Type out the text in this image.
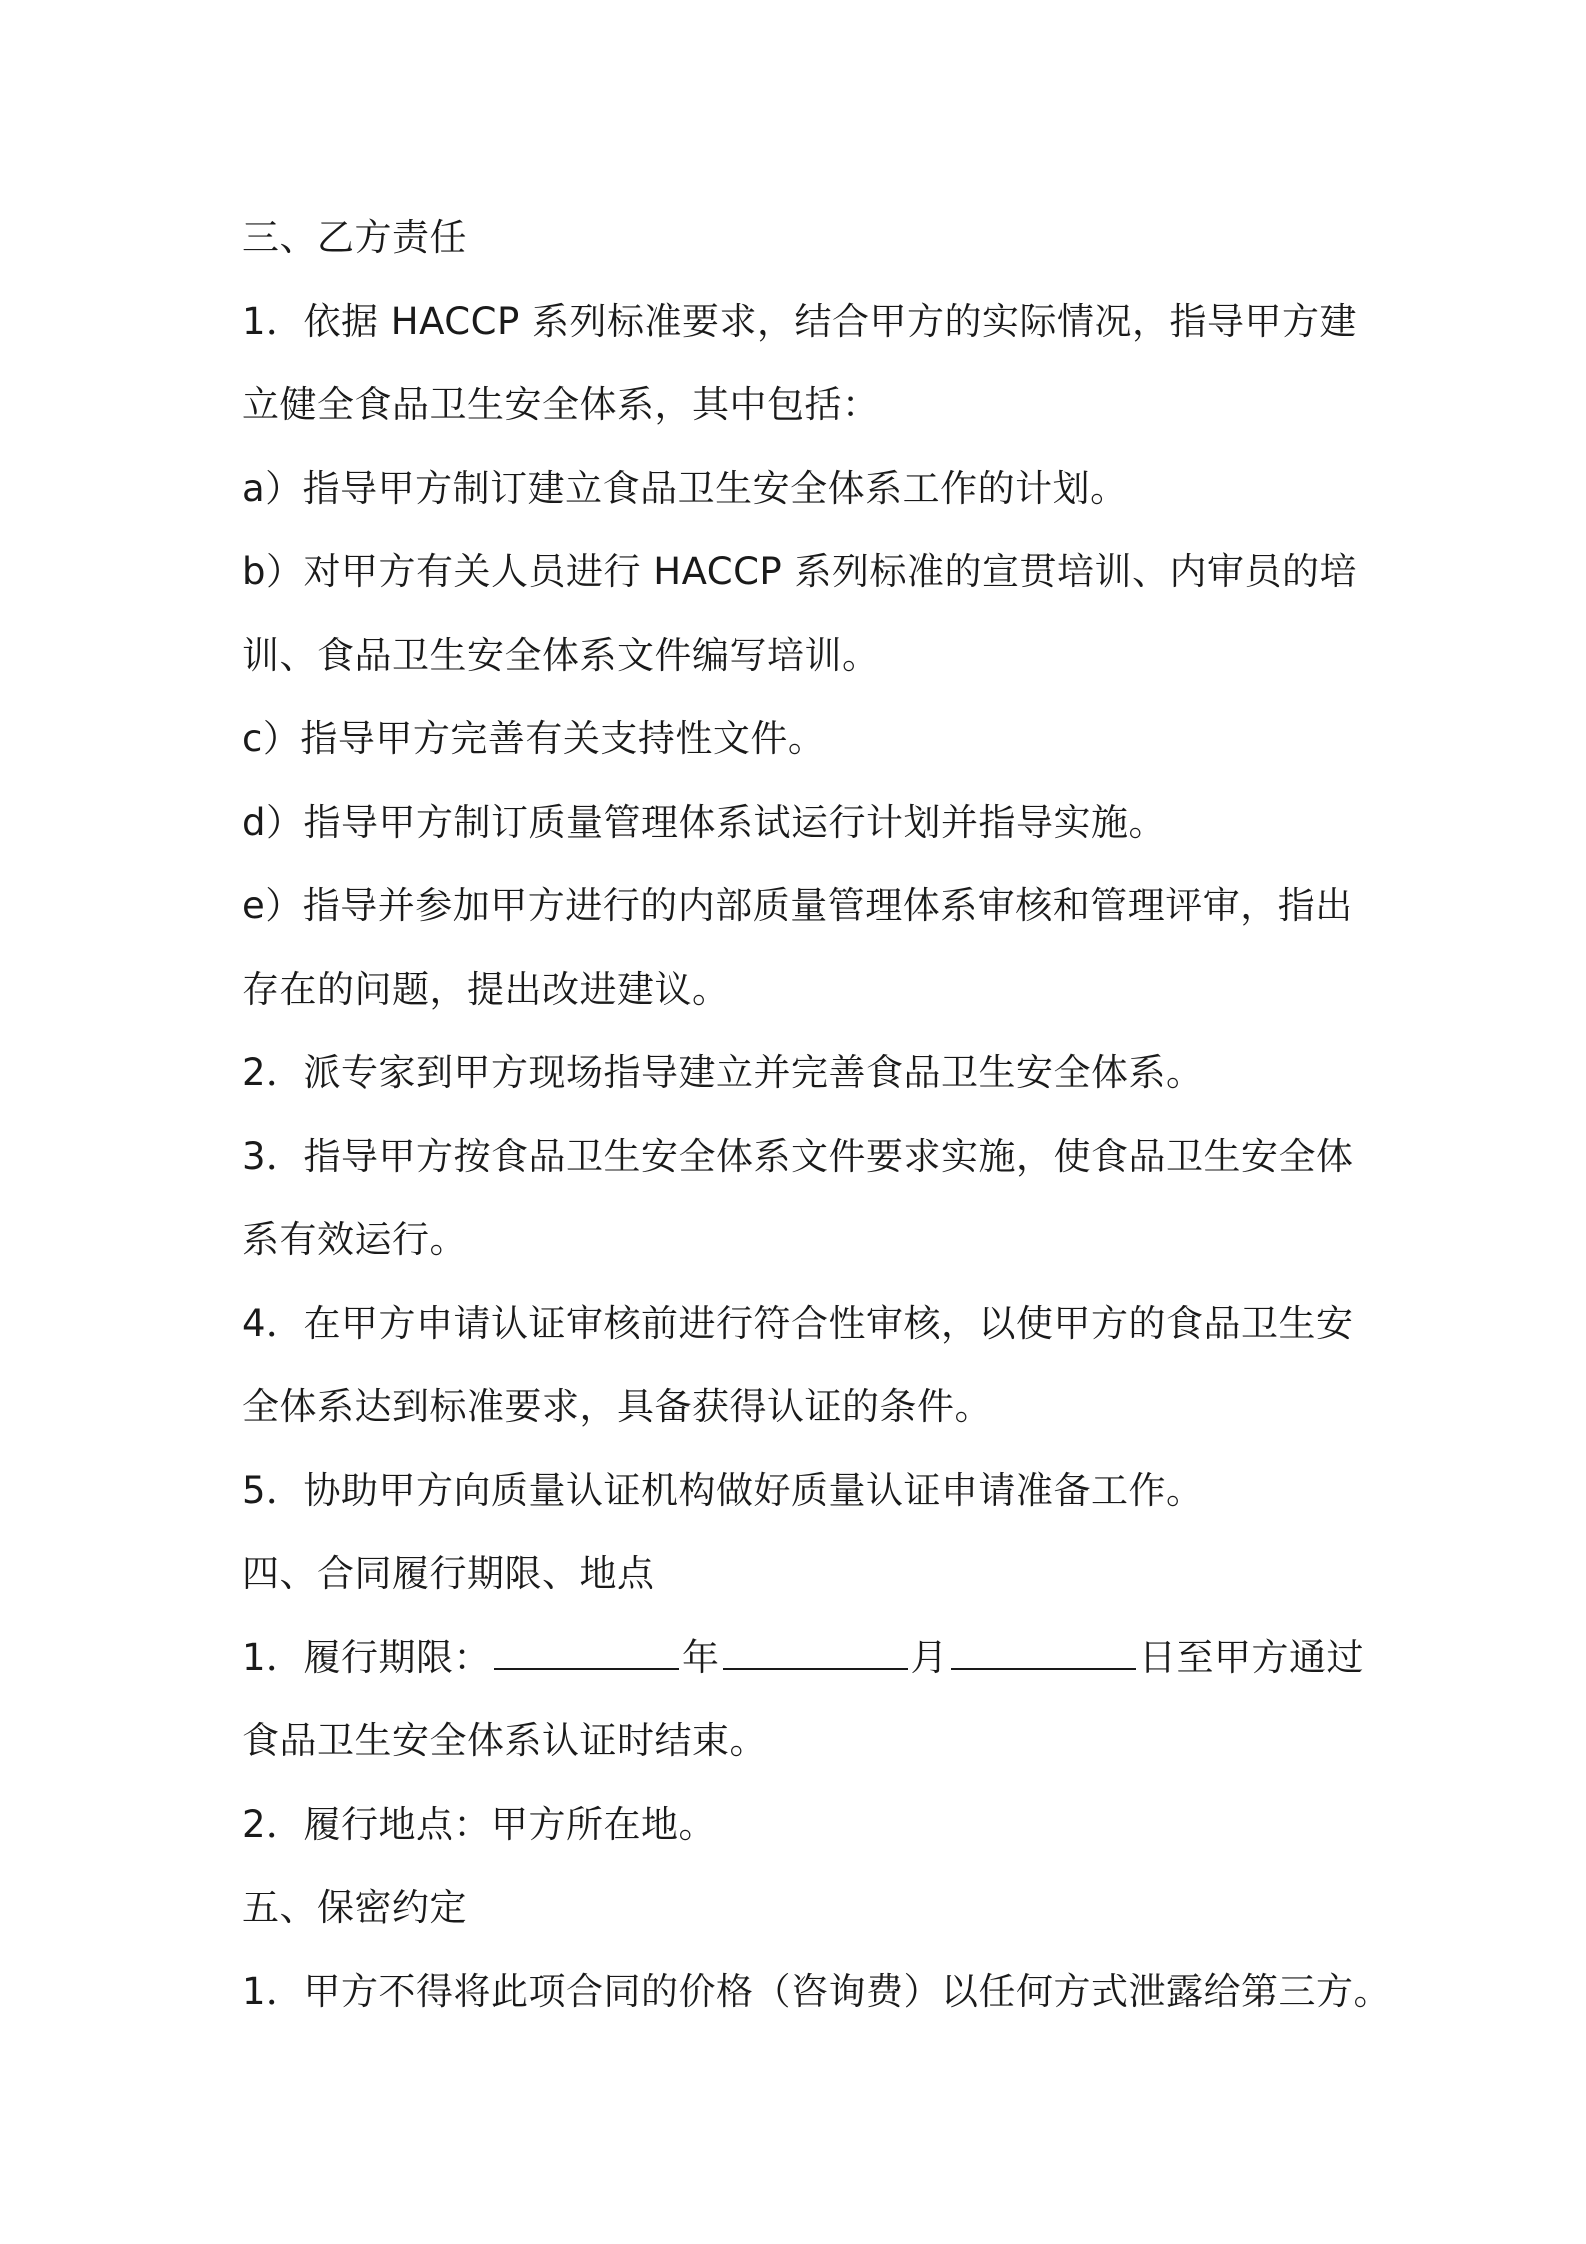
三、乙方责任
1．依据 HACCP 系列标准要求，结合甲方的实际情况，指导甲方建
立健全食品卫生安全体系，其中包括：
a）指导甲方制订建立食品卫生安全体系工作的计划。
b）对甲方有关人员进行 HACCP 系列标准的宣贯培训、内审员的培
训、食品卫生安全体系文件编写培训。
c）指导甲方完善有关支持性文件。
d）指导甲方制订质量管理体系试运行计划并指导实施。
e）指导并参加甲方进行的内部质量管理体系审核和管理评审，指出
存在的问题，提出改进建议。
2．派专家到甲方现场指导建立并完善食品卫生安全体系。
3．指导甲方按食品卫生安全体系文件要求实施，使食品卫生安全体
系有效运行。
4．在甲方申请认证审核前进行符合性审核，以使甲方的食品卫生安
全体系达到标准要求，具备获得认证的条件。
5．协助甲方向质量认证机构做好质量认证申请准备工作。
四、合同履行期限、地点
1．履行期限：	年	月	日至甲方通过
食品卫生安全体系认证时结束。
2．履行地点：甲方所在地。
五、保密约定
1．甲方不得将此项合同的价格（咨询费）以任何方式泄露给第三方。
